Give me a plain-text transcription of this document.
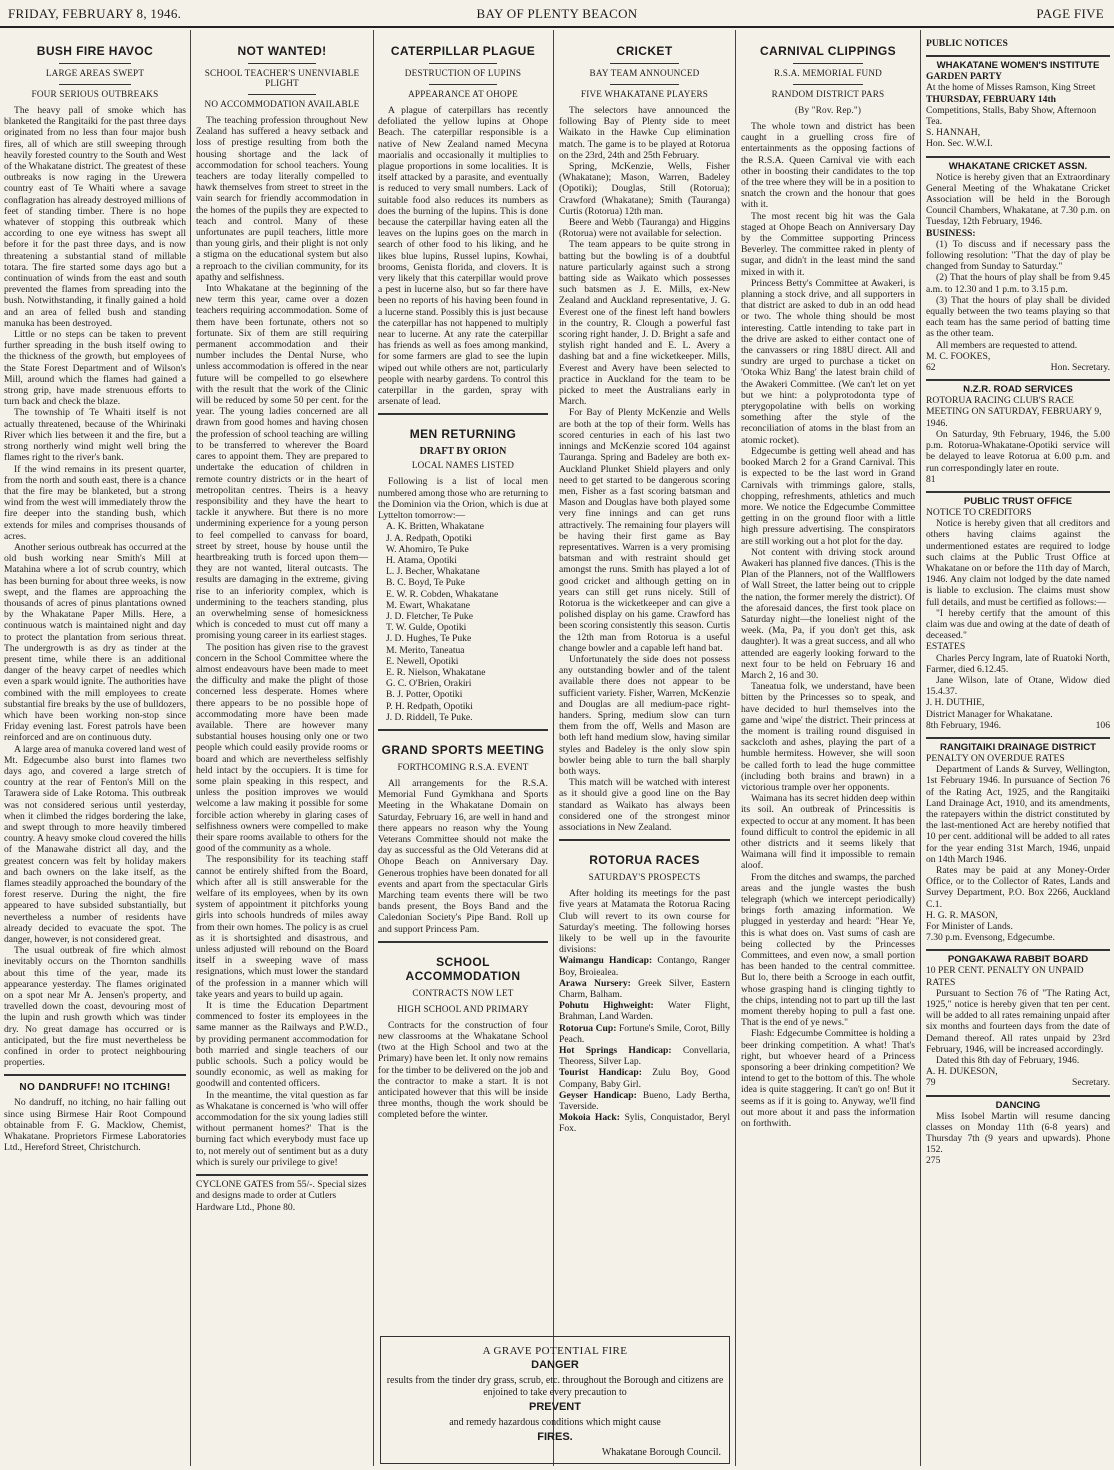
FRIDAY, FEBRUARY 8, 1946.	BAY OF PLENTY BEACON	PAGE FIVE
BUSH FIRE HAVOC
LARGE AREAS SWEPT
FOUR SERIOUS OUTBREAKS

The heavy pall of smoke which has blanketed the Rangitaiki for the past three days originated from no less than four major bush fires, all of which are still sweeping through heavily forested country to the South and West of the Whakatane district. The greatest of these outbreaks is now raging in the Urewera country east of Te Whaiti where a savage conflagration has already destroyed millions of feet of standing timber. There is no hope whatever of stopping this outbreak which according to one eye witness has swept all before it for the past three days, and is now threatening a substantial stand of millable totara. The fire started some days ago but a continuation of winds from the east and south prevented the flames from spreading into the bush. Notwithstanding, it finally gained a hold and an area of felled bush and standing manuka has been destroyed.

Little or no steps can be taken to prevent further spreading in the bush itself owing to the thickness of the growth, but employees of the State Forest Department and of Wilson's Mill, around which the flames had gained a strong grip, have made strenuous efforts to turn back and check the blaze.

The township of Te Whaiti itself is not actually threatened, because of the Whirinaki River which lies between it and the fire, but a strong northerly wind might well bring the flames right to the river's bank.

If the wind remains in its present quarter, from the north and south east, there is a chance that the fire may be blanketed, but a strong wind from the west will immediately throw the fire deeper into the standing bush, which extends for miles and comprises thousands of acres.

Another serious outbreak has occurred at the old bush working near Smith's Mill at Matahina where a lot of scrub country, which has been burning for about three weeks, is now swept, and the flames are approaching the thousands of acres of pinus plantations owned by the Whakatane Paper Mills. Here, a continuous watch is maintained night and day to protect the plantation from serious threat. The undergrowth is as dry as tinder at the present time, while there is an additional danger of the heavy carpet of needles which even a spark would ignite. The authorities have combined with the mill employees to create substantial fire breaks by the use of bulldozers, which have been working non-stop since Friday evening last. Forest patrols have been reinforced and are on continuous duty.

A large area of manuka covered land west of Mt. Edgecumbe also burst into flames two days ago, and covered a large stretch of country at the rear of Fenton's Mill on the Tarawera side of Lake Rotoma. This outbreak was not considered serious until yesterday, when it climbed the ridges bordering the lake, and swept through to more heavily timbered country. A heavy smoke cloud covered the hills of the Manawahe district all day, and the greatest concern was felt by holiday makers and bach owners on the lake itself, as the flames steadily approached the boundary of the forest reserve. During the night, the fire appeared to have subsided substantially, but nevertheless a number of residents have already decided to evacuate the spot. The danger, however, is not considered great.

The usual outbreak of fire which almost inevitably occurs on the Thornton sandhills about this time of the year, made its appearance yesterday. The flames originated on a spot near Mr A. Jensen's property, and travelled down the coast, devouring most of the lupin and rush growth which was tinder dry. No great damage has occurred or is anticipated, but the fire must nevertheless be confined in order to protect neighbouring properties.

NO DANDRUFF! NO ITCHING!

No dandruff, no itching, no hair falling out since using Birmese Hair Root Compound obtainable from F. G. Macklow, Chemist, Whakatane. Proprietors Firmese Laboratories Ltd., Hereford Street, Christchurch.

NOT WANTED!
SCHOOL TEACHER'S UNENVIABLE PLIGHT
NO ACCOMMODATION AVAILABLE

The teaching profession throughout New Zealand has suffered a heavy setback and loss of prestige resulting from both the housing shortage and the lack of accommodation for school teachers. Young teachers are today literally compelled to hawk themselves from street to street in the vain search for friendly accommodation in the homes of the pupils they are expected to teach and control. Many of these unfortunates are pupil teachers, little more than young girls, and their plight is not only a stigma on the educational system but also a reproach to the civilian community, for its apathy and selfishness.

Into Whakatane at the beginning of the new term this year, came over a dozen teachers requiring accommodation. Some of them have been fortunate, others not so fortunate. Six of them are still requiring permanent accommodation and their number includes the Dental Nurse, who unless accommodation is offered in the near future will be compelled to go elsewhere with the result that the work of the Clinic will be reduced by some 50 per cent. for the year. The young ladies concerned are all drawn from good homes and having chosen the profession of school teaching are willing to be transferred to wherever the Board cares to appoint them. They are prepared to undertake the education of children in remote country districts or in the heart of metropolitan centres. Theirs is a heavy responsibility and they have the heart to tackle it anywhere. But there is no more undermining experience for a young person to feel compelled to canvass for board, street by street, house by house until the heartbreaking truth is forced upon them—they are not wanted, literal outcasts. The results are damaging in the extreme, giving rise to an inferiority complex, which is undermining to the teachers standing, plus an overwhelming sense of homesickness which is conceded to must cut off many a promising young career in its earliest stages.

The position has given rise to the gravest concern in the School Committee where the almost endeavours have been made to meet the difficulty and make the plight of those concerned less desperate. Homes where there appears to be no possible hope of accommodating more have been made available. There are however many substantial houses housing only one or two people which could easily provide rooms or board and which are nevertheless selfishly held intact by the occupiers. It is time for some plain speaking in this respect, and unless the position improves we would welcome a law making it possible for some forcible action whereby in glaring cases of selfishness owners were compelled to make their spare rooms available to others for the good of the community as a whole.

The responsibility for its teaching staff cannot be entirely shifted from the Board, which after all is still answerable for the welfare of its employees, when by its own system of appointment it pitchforks young girls into schools hundreds of miles away from their own homes. The policy is as cruel as it is shortsighted and disastrous, and unless adjusted will rebound on the Board itself in a sweeping wave of mass resignations, which must lower the standard of the profession in a manner which will take years and years to build up again.

It is time the Education Department commenced to foster its employees in the same manner as the Railways and P.W.D., by providing permanent accommodation for both married and single teachers of our public schools. Such a policy would be soundly economic, as well as making for goodwill and contented officers.

In the meantime, the vital question as far as Whakatane is concerned is 'who will offer accommodation for the six young ladies still without permanent homes?' That is the burning fact which everybody must face up to, not merely out of sentiment but as a duty which is surely our privilege to give!

CYCLONE GATES from 55/-. Special sizes and designs made to order at Cutlers Hardware Ltd., Phone 80.
CATERPILLAR PLAGUE
DESTRUCTION OF LUPINS
APPEARANCE AT OHOPE

A plague of caterpillars has recently defoliated the yellow lupins at Ohope Beach. The caterpillar responsible is a native of New Zealand named Mecyna maorialis and occasionally it multiplies to plague proportions in some localities. It is itself attacked by a parasite, and eventually is reduced to very small numbers. Lack of suitable food also reduces its numbers as does the burning of the lupins. This is done because the caterpillar having eaten all the leaves on the lupins goes on the march in search of other food to his liking, and he likes blue lupins, Russel lupins, Kowhai, brooms, Genista florida, and clovers. It is very likely that this caterpillar would prove a pest in lucerne also, but so far there have been no reports of his having been found in a lucerne stand. Possibly this is just because the caterpillar has not happened to multiply near to lucerne. At any rate the caterpillar has friends as well as foes among mankind, for some farmers are glad to see the lupin wiped out while others are not, particularly people with nearby gardens. To control this caterpillar in the garden, spray with arsenate of lead.

MEN RETURNING
DRAFT BY ORION
LOCAL NAMES LISTED

Following is a list of local men numbered among those who are returning to the Dominion via the Orion, which is due at Lyttelton tomorrow:—

A. K. Britten, Whakatane
J. A. Redpath, Opotiki
W. Ahomiro, Te Puke
H. Atama, Opotiki
L. J. Becher, Whakatane
B. C. Boyd, Te Puke
E. W. R. Cobden, Whakatane
M. Ewart, Whakatane
J. D. Fletcher, Te Puke
T. W. Gulde, Opotiki
J. D. Hughes, Te Puke
M. Merito, Taneatua
E. Newell, Opotiki
E. R. Nielson, Whakatane
G. C. O'Brien, Orakiri
B. J. Potter, Opotiki
P. H. Redpath, Opotiki
J. D. Riddell, Te Puke.
GRAND SPORTS MEETING
FORTHCOMING R.S.A. EVENT

All arrangements for the R.S.A. Memorial Fund Gymkhana and Sports Meeting in the Whakatane Domain on Saturday, February 16, are well in hand and there appears no reason why the Young Veterans Committee should not make the day as successful as the Old Veterans did at Ohope Beach on Anniversary Day. Generous trophies have been donated for all events and apart from the spectacular Girls Marching team events there will be two bands present, the Boys Band and the Caledonian Society's Pipe Band. Roll up and support Princess Pam.

SCHOOL ACCOMMODATION
CONTRACTS NOW LET
HIGH SCHOOL AND PRIMARY

Contracts for the construction of four new classrooms at the Whakatane School (two at the High School and two at the Primary) have been let. It only now remains for the timber to be delivered on the job and the contractor to make a start. It is not anticipated however that this will be inside three months, though the work should be completed before the winter.

CRICKET
BAY TEAM ANNOUNCED
FIVE WHAKATANE PLAYERS

The selectors have announced the following Bay of Plenty side to meet Waikato in the Hawke Cup elimination match. The game is to be played at Rotorua on the 23rd, 24th and 25th February.

Spring, McKenzie, Wells, Fisher (Whakatane); Mason, Warren, Badeley (Opotiki); Douglas, Still (Rotorua); Crawford (Whakatane); Smith (Tauranga) Curtis (Rotorua) 12th man.

Beere and Webb (Tauranga) and Higgins (Rotorua) were not available for selection.

The team appears to be quite strong in batting but the bowling is of a doubtful nature particularly against such a strong batting side as Waikato which possesses such batsmen as J. E. Mills, ex-New Zealand and Auckland representative, J. G. Everest one of the finest left hand bowlers in the country, R. Clough a powerful fast scoring right hander, J. D. Bright a safe and stylish right handed and E. L. Avery a dashing bat and a fine wicketkeeper. Mills, Everest and Avery have been selected to practice in Auckland for the team to be picked to meet the Australians early in March.

For Bay of Plenty McKenzie and Wells are both at the top of their form. Wells has scored centuries in each of his last two innings and McKenzie scored 104 against Tauranga. Spring and Badeley are both ex-Auckland Plunket Shield players and only need to get started to be dangerous scoring men, Fisher as a fast scoring batsman and Mason and Douglas have both played some very fine innings and can get runs attractively. The remaining four players will be having their first game as Bay representatives. Warren is a very promising batsman and with restraint should get amongst the runs. Smith has played a lot of good cricket and although getting on in years can still get runs nicely. Still of Rotorua is the wicketkeeper and can give a polished display on his game. Crawford has been scoring consistently this season. Curtis the 12th man from Rotorua is a useful change bowler and a capable left hand bat.

Unfortunately the side does not possess any outstanding bowler and of the talent available there does not appear to be sufficient variety. Fisher, Warren, McKenzie and Douglas are all medium-pace right-handers. Spring, medium slow can turn them from the off, Wells and Mason are both left hand medium slow, having similar styles and Badeley is the only slow spin bowler being able to turn the ball sharply both ways.

This match will be watched with interest as it should give a good line on the Bay standard as Waikato has always been considered one of the strongest minor associations in New Zealand.

ROTORUA RACES
SATURDAY'S PROSPECTS

After holding its meetings for the past five years at Matamata the Rotorua Racing Club will revert to its own course for Saturday's meeting. The following horses likely to be well up in the favourite divisions:

Waimangu Handicap: Contango, Ranger Boy, Broiealea.

Arawa Nursery: Greek Silver, Eastern Charm, Balham.

Pohutu Highweight: Water Flight, Brahman, Land Warden.

Rotorua Cup: Fortune's Smile, Corot, Billy Peach.

Hot Springs Handicap: Convellaria, Theoress, Silver Lap.

Tourist Handicap: Zulu Boy, Good Company, Baby Girl.

Geyser Handicap: Bueno, Lady Bertha, Taverside.

Mokoia Hack: Sylis, Conquistador, Beryl Fox.

CARNIVAL CLIPPINGS
R.S.A. MEMORIAL FUND
RANDOM DISTRICT PARS
(By "Rov. Rep.")

The whole town and district has been caught in a gruelling cross fire of entertainments as the opposing factions of the R.S.A. Queen Carnival vie with each other in boosting their candidates to the top of the tree where they will be in a position to snatch the crown and the honour that goes with it.

The most recent big hit was the Gala staged at Ohope Beach on Anniversary Day by the Committee supporting Princess Beverley. The committee raked in plenty of sugar, and didn't in the least mind the sand mixed in with it.

Princess Betty's Committee at Awakeri, is planning a stock drive, and all supporters in that district are asked to dub in an odd head or two. The whole thing should be most interesting. Cattle intending to take part in the drive are asked to either contact one of the canvassers or ring 188U direct. All and sundry are urged to purchase a ticket on 'Otoka Whiz Bang' the latest brain child of the Awakeri Committee. (We can't let on yet but we hint: a polyprotodonta type of pterygopolatine with bells on working something after the style of the reconciliation of atoms in the blast from an atomic rocket).

Edgecumbe is getting well ahead and has booked March 2 for a Grand Carnival. This is expected to be the last word in Grand Carnivals with trimmings galore, stalls, chopping, refreshments, athletics and much more. We notice the Edgecumbe Committee getting in on the ground floor with a little high pressure advertising. The conspirators are still working out a hot plot for the day.

Not content with driving stock around Awakeri has planned five dances. (This is the Plan of the Planners, not of the Wallflowers of Wall Street, the latter being out to cripple the nation, the former merely the district). Of the aforesaid dances, the first took place on Saturday night—the loneliest night of the week. (Ma, Pa, if you don't get this, ask daughter). It was a great success, and all who attended are eagerly looking forward to the next four to be held on February 16 and March 2, 16 and 30.

Taneatua folk, we understand, have been bitten by the Princesses so to speak, and have decided to hurl themselves into the game and 'wipe' the district. Their princess at the moment is trailing round disguised in sackcloth and ashes, playing the part of a humble hermitess. However, she will soon be called forth to lead the huge committee (including both brains and brawn) in a victorious trample over her opponents.

Waimana has its secret hidden deep within its soil. An outbreak of Princessitis is expected to occur at any moment. It has been found difficult to control the epidemic in all other districts and it seems likely that Waimana will find it impossible to remain aloof.

From the ditches and swamps, the parched areas and the jungle wastes the bush telegraph (which we intercept periodically) brings forth amazing information. We plugged in yesterday and heard: "Hear Ye, this is what does on. Vast sums of cash are being collected by the Princesses Committees, and even now, a small portion has been handed to the central committee. But lo, there beith a Scrooge in each outfit, whose grasping hand is clinging tightly to the chips, intending not to part up till the last moment thereby hoping to pull a fast one. That is the end of ye news."

Flash: Edgecumbe Committee is holding a beer drinking competition. A what! That's right, but whoever heard of a Princess sponsoring a beer drinking competition? We intend to get to the bottom of this. The whole idea is quite staggering. It can't go on! But it seems as if it is going to. Anyway, we'll find out more about it and pass the information on forthwith.

PUBLIC NOTICES
WHAKATANE WOMEN'S INSTITUTE
GARDEN PARTY
At the home of Misses Ramson, King Street
THURSDAY, FEBRUARY 14th
Competitions, Stalls, Baby Show, Afternoon Tea.
S. HANNAH,
Hon. Sec. W.W.I.
WHAKATANE CRICKET ASSN.

Notice is hereby given that an Extraordinary General Meeting of the Whakatane Cricket Association will be held in the Borough Council Chambers, Whakatane, at 7.30 p.m. on Tuesday, 12th February, 1946.

BUSINESS:

(1) To discuss and if necessary pass the following resolution: "That the day of play be changed from Sunday to Saturday."

(2) That the hours of play shall be from 9.45 a.m. to 12.30 and 1 p.m. to 3.15 p.m.

(3) That the hours of play shall be divided equally between the two teams playing so that each team has the same period of batting time as the other team.

All members are requested to attend.

M. C. FOOKES,
62	Hon. Secretary.
N.Z.R. ROAD SERVICES
ROTORUA RACING CLUB'S RACE MEETING ON SATURDAY, FEBRUARY 9, 1946.

On Saturday, 9th February, 1946, the 5.00 p.m. Rotorua-Whakatane-Opotiki service will be delayed to leave Rotorua at 6.00 p.m. and run correspondingly later en route.

81
PUBLIC TRUST OFFICE
NOTICE TO CREDITORS

Notice is hereby given that all creditors and others having claims against the undermentioned estates are required to lodge such claims at the Public Trust Office at Whakatane on or before the 11th day of March, 1946. Any claim not lodged by the date named is liable to exclusion. The claims must show full details, and must be certified as follows:—

"I hereby certify that the amount of this claim was due and owing at the date of death of deceased."

ESTATES

Charles Percy Ingram, late of Ruatoki North, Farmer, died 6.12.45.

Jane Wilson, late of Otane, Widow died 15.4.37.

J. H. DUTHIE,
District Manager for Whakatane.
8th February, 1946.	106
RANGITAIKI DRAINAGE DISTRICT
PENALTY ON OVERDUE RATES

Department of Lands & Survey, Wellington, 1st February 1946. In pursuance of Section 76 of the Rating Act, 1925, and the Rangitaiki Land Drainage Act, 1910, and its amendments, the ratepayers within the district constituted by the last-mentioned Act are hereby notified that 10 per cent. additional will be added to all rates for the year ending 31st March, 1946, unpaid on 14th March 1946.

Rates may be paid at any Money-Order Office, or to the Collector of Rates, Lands and Survey Department, P.O. Box 2266, Auckland C.1.

H. G. R. MASON,
For Minister of Lands.
7.30 p.m. Evensong, Edgecumbe.
PONGAKAWA RABBIT BOARD
10 PER CENT. PENALTY ON UNPAID RATES

Pursuant to Section 76 of "The Rating Act, 1925," notice is hereby given that ten per cent. will be added to all rates remaining unpaid after six months and fourteen days from the date of Demand thereof. All rates unpaid by 23rd February, 1946, will be increased accordingly.

Dated this 8th day of February, 1946.

A. H. DUKESON,
79	Secretary.
DANCING

Miss Isobel Martin will resume dancing classes on Monday 11th (6-8 years) and Thursday 7th (9 years and upwards). Phone 152.

275
A GRAVE POTENTIAL FIRE
DANGER
results from the tinder dry grass, scrub, etc. throughout the Borough and citizens are enjoined to take every precaution to
PREVENT
and remedy hazardous conditions which might cause
FIRES.
Whakatane Borough Council.
